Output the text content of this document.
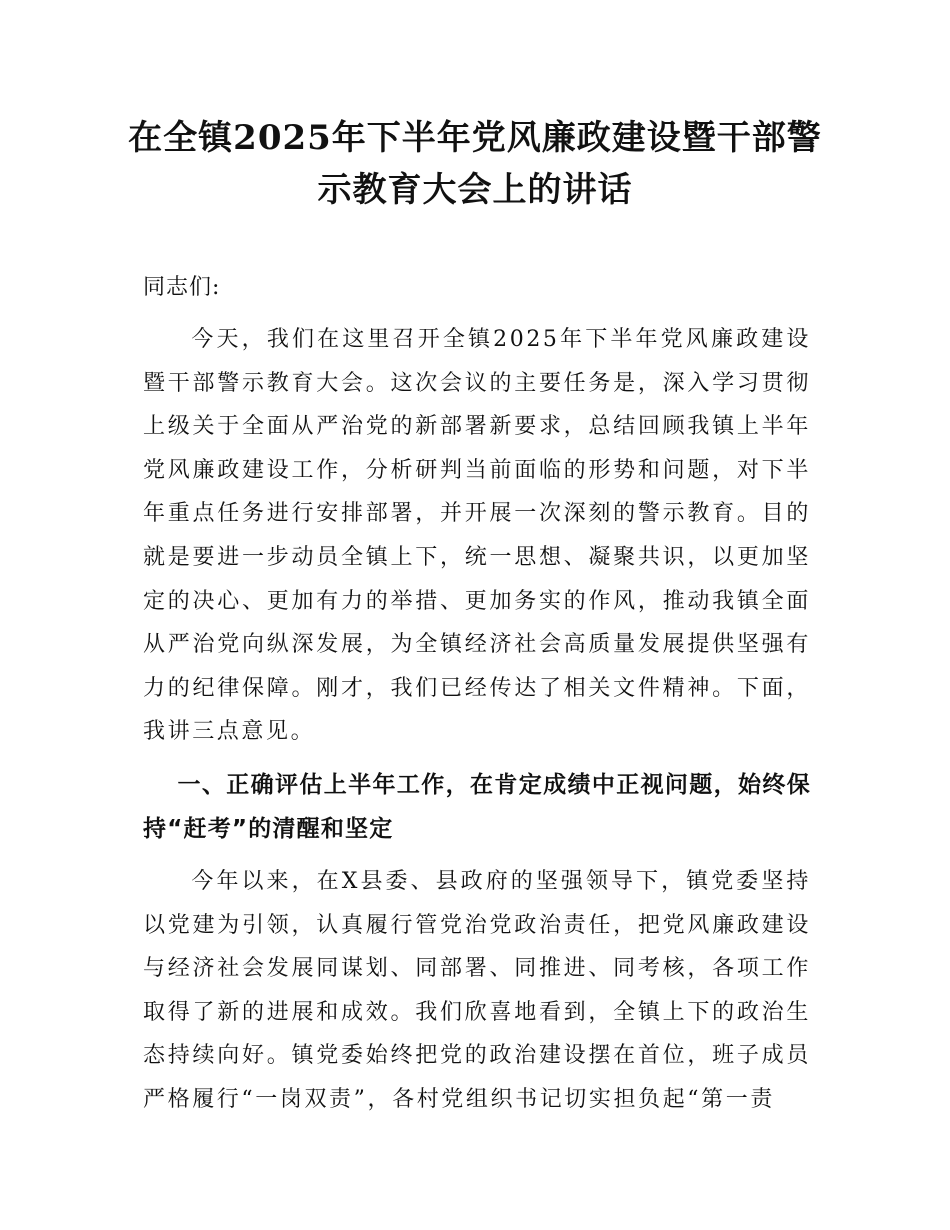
在全镇2025年下半年党风廉政建设暨干部警示教育大会上的讲话

同志们:

今天，我们在这里召开全镇2025年下半年党风廉政建设暨干部警示教育大会。这次会议的主要任务是，深入学习贯彻上级关于全面从严治党的新部署新要求，总结回顾我镇上半年党风廉政建设工作，分析研判当前面临的形势和问题，对下半年重点任务进行安排部署，并开展一次深刻的警示教育。目的就是要进一步动员全镇上下，统一思想、凝聚共识，以更加坚定的决心、更加有力的举措、更加务实的作风，推动我镇全面从严治党向纵深发展，为全镇经济社会高质量发展提供坚强有力的纪律保障。刚才，我们已经传达了相关文件精神。下面，我讲三点意见。

一、正确评估上半年工作，在肯定成绩中正视问题，始终保持“赶考”的清醒和坚定

今年以来，在X县委、县政府的坚强领导下，镇党委坚持以党建为引领，认真履行管党治党政治责任，把党风廉政建设与经济社会发展同谋划、同部署、同推进、同考核，各项工作取得了新的进展和成效。我们欣喜地看到，全镇上下的政治生态持续向好。镇党委始终把党的政治建设摆在首位，班子成员严格履行“一岗双责”，各村党组织书记切实担负起“第一责
